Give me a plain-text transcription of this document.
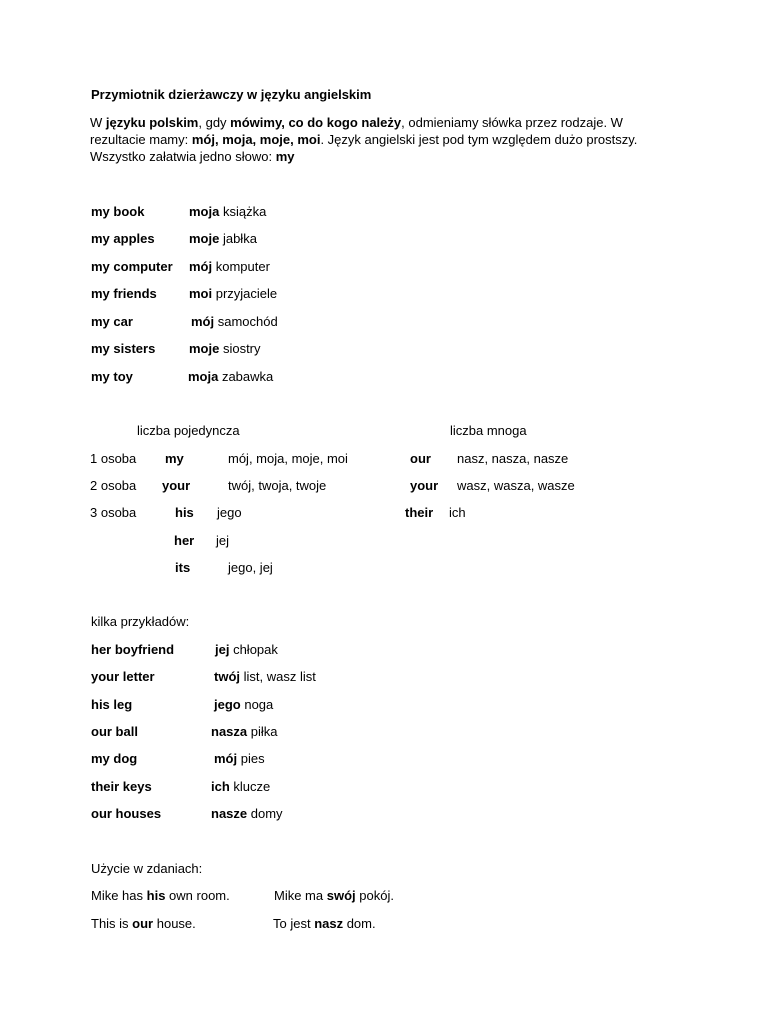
Przymiotnik dzierżawczy w języku angielskim
W języku polskim, gdy mówimy, co do kogo należy, odmieniamy słówka przez rodzaje. W rezultacie mamy: mój, moja, moje, moi. Język angielski jest pod tym względem dużo prostszy. Wszystko załatwia jedno słowo: my
my book	moja książka
my apples	moje jabłka
my computer mój komputer
my friends moi przyjaciele
my car	mój samochód
my sisters	moje siostry
my toy	moja zabawka
liczba pojedyncza	liczba mnoga
1 osoba my	mój, moja, moje, moi	our nasz, nasza, nasze
2 osoba your	twój, twoja, twoje	your wasz, wasza, wasze
3 osoba	his jego	their ich
her jej
its	jego, jej
kilka przykładów:
her boyfriend	jej chłopak
your letter	twój list, wasz list
his leg	jego noga
our ball	nasza piłka
my dog	mój pies
their keys	ich klucze
our houses	nasze domy
Użycie w zdaniach:
Mike has his own room.	Mike ma swój pokój.
This is our house.	To jest nasz dom.
